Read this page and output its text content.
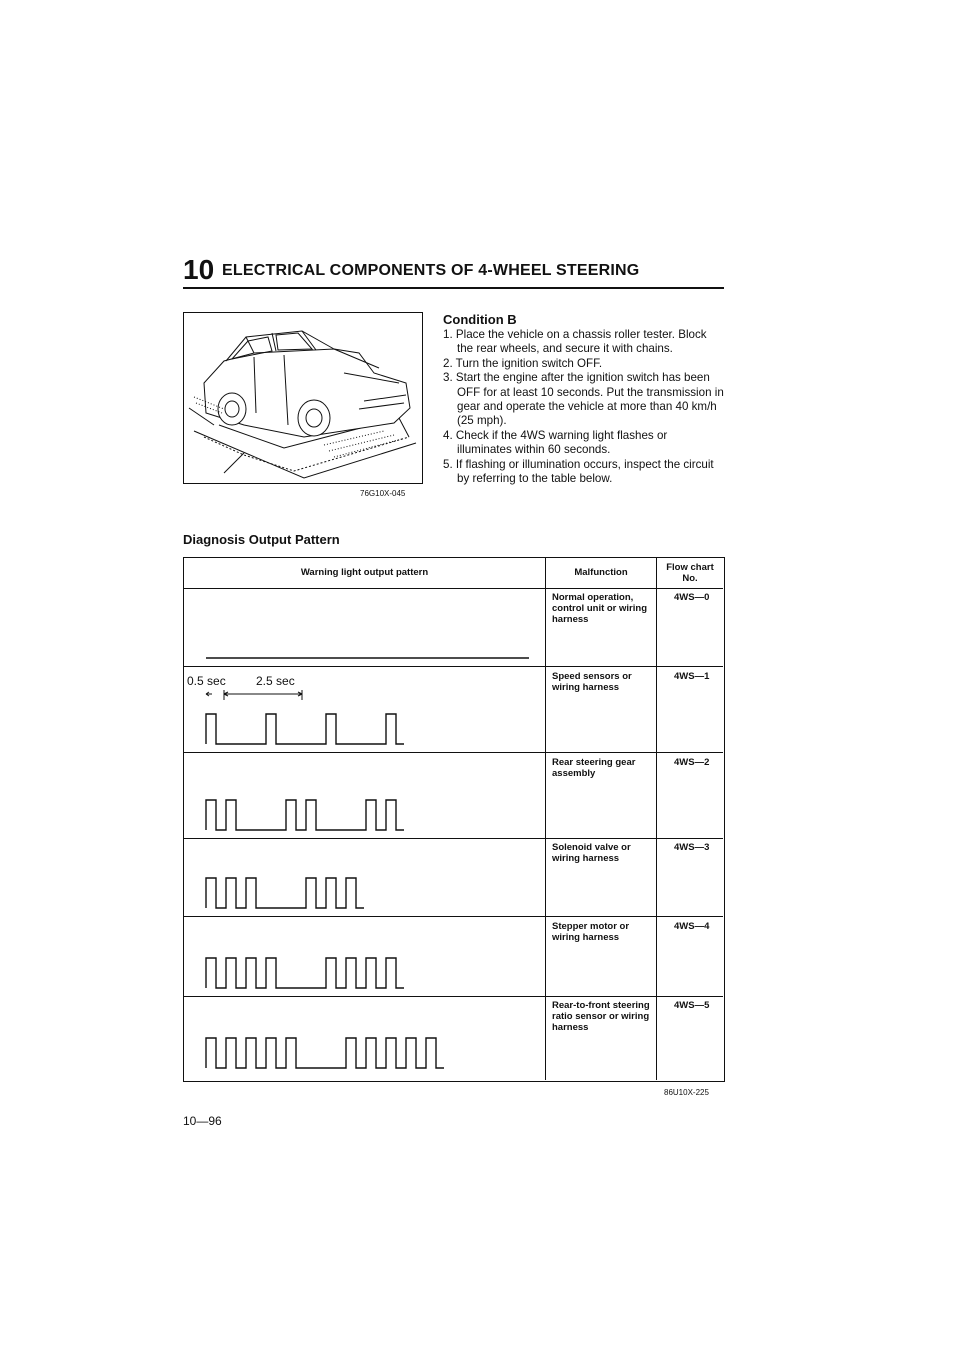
10 ELECTRICAL COMPONENTS OF 4-WHEEL STEERING
76G10X-045
Condition B
1. Place the vehicle on a chassis roller tester. Block the rear wheels, and secure it with chains.
2. Turn the ignition switch OFF.
3. Start the engine after the ignition switch has been OFF for at least 10 seconds. Put the transmission in gear and operate the vehicle at more than 40 km/h (25 mph).
4. Check if the 4WS warning light flashes or illuminates within 60 seconds.
5. If flashing or illumination occurs, inspect the circuit by referring to the table below.
Diagnosis Output Pattern
Warning light output pattern	Malfunction	Flow chart No.
Normal operation, control unit or wiring harness
4WS—0
Speed sensors or wiring harness
4WS—1
Rear steering gear assembly
4WS—2
Solenoid valve or wiring harness
4WS—3
Stepper motor or wiring harness
4WS—4
Rear-to-front steering ratio sensor or wiring harness
4WS—5
0.5 sec	2.5 sec
86U10X-225
10—96
